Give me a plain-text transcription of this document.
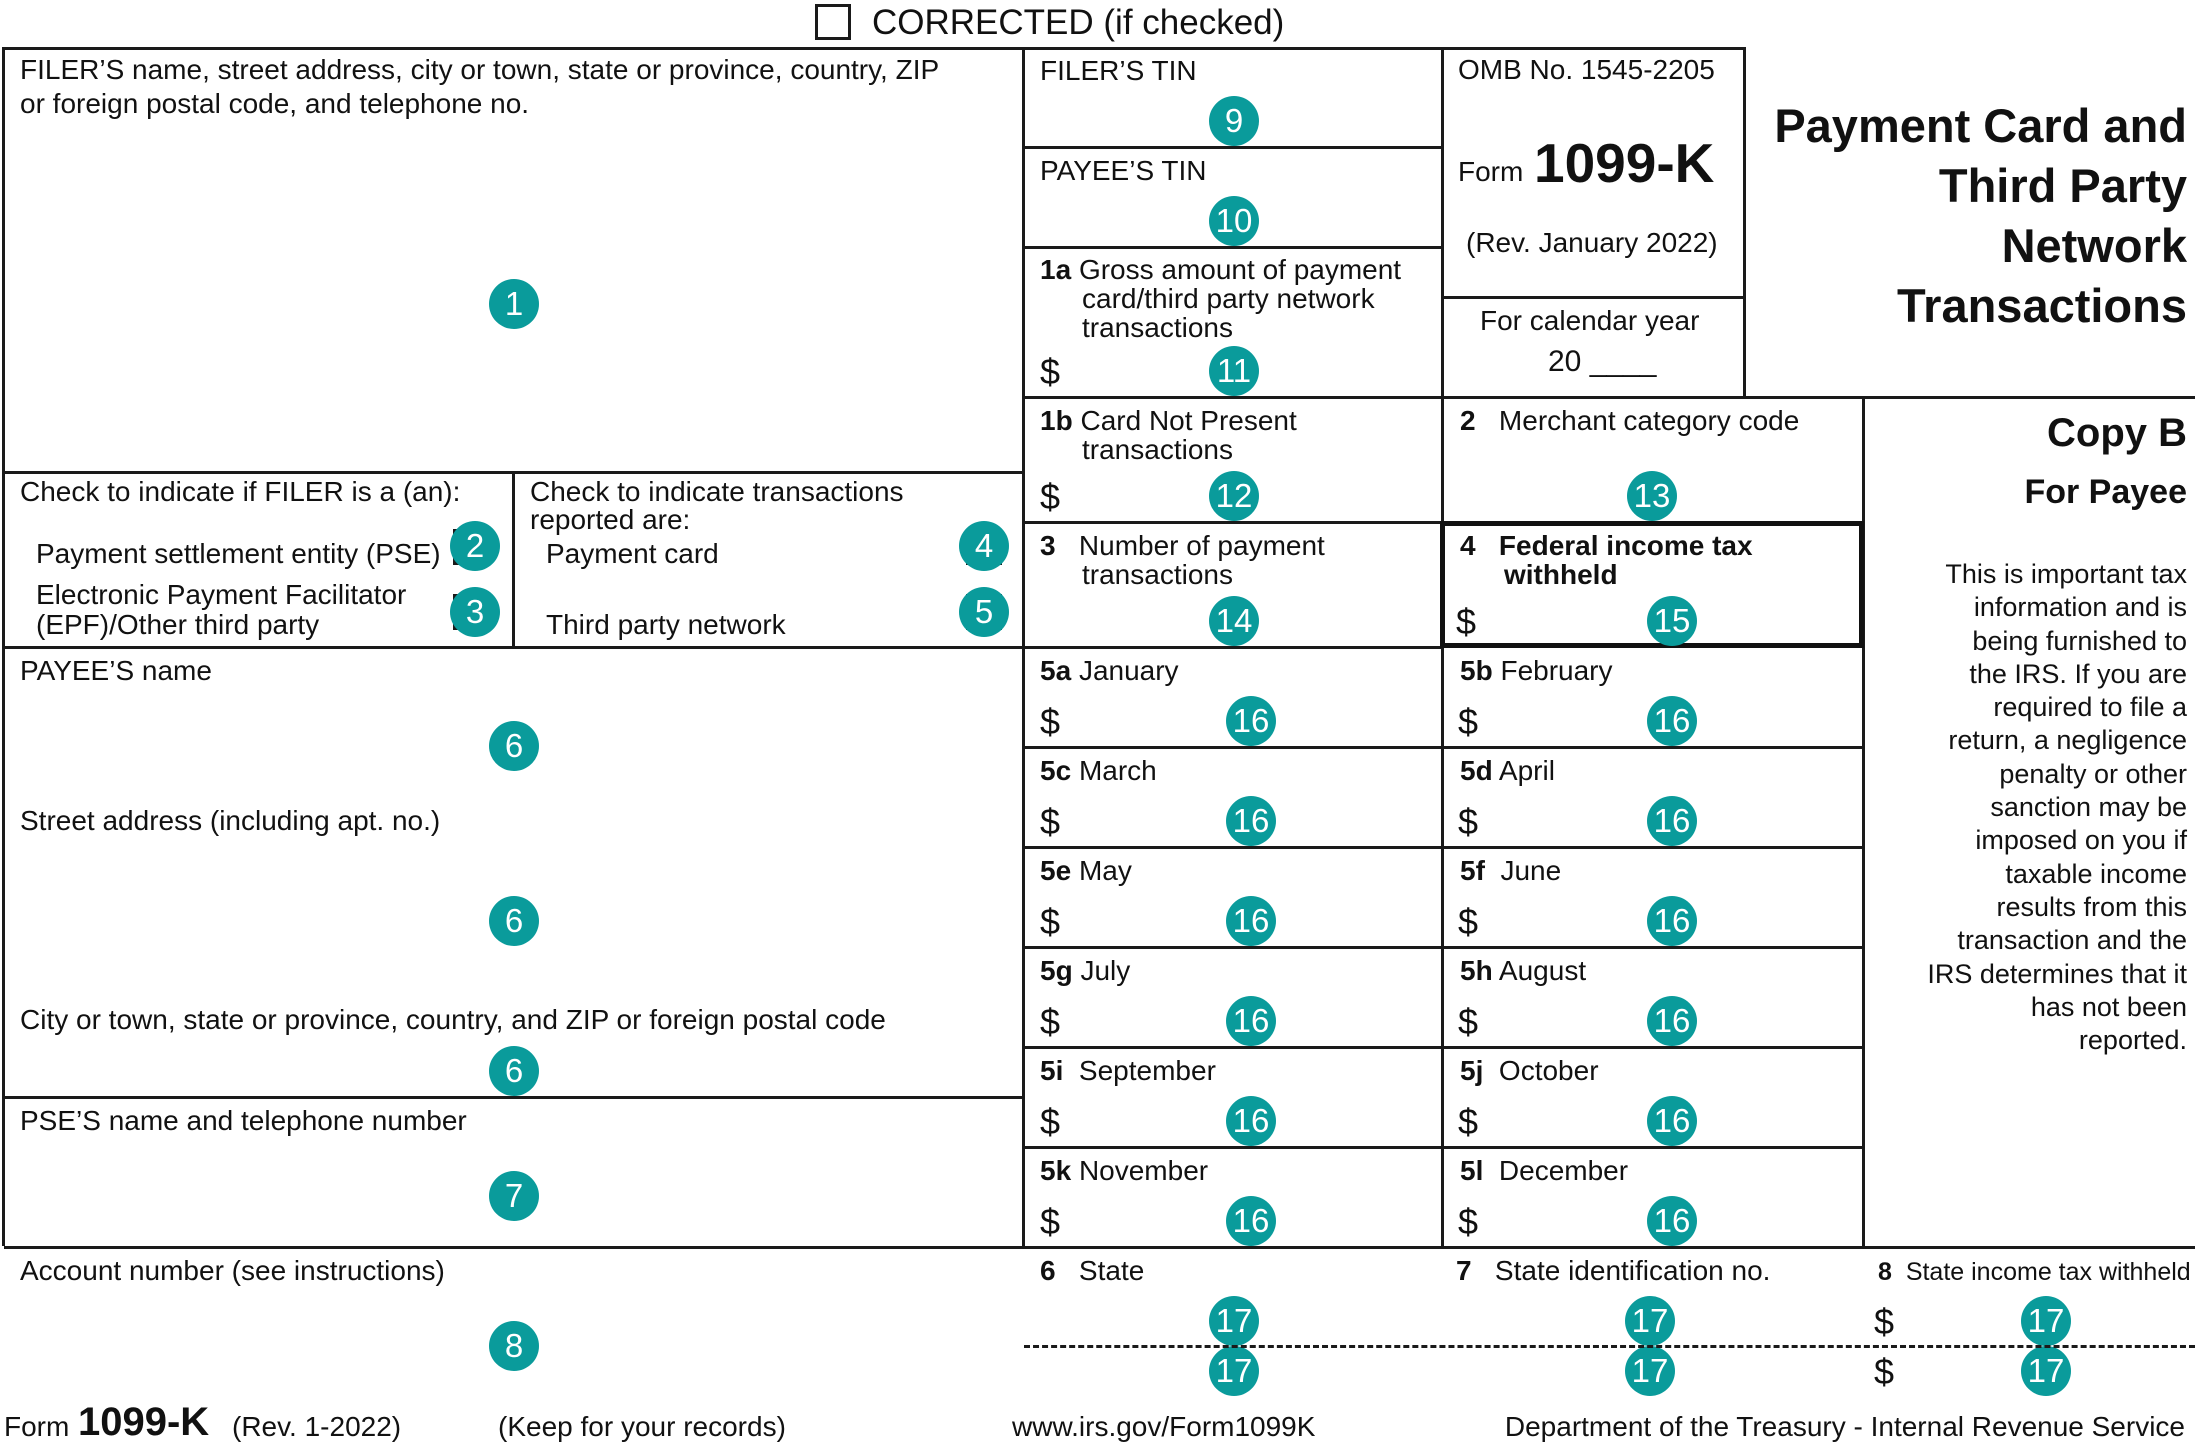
CORRECTED (if checked)
FILER’S name, street address, city or town, state or province, country, ZIP
or foreign postal code, and telephone no.
1
Check to indicate if FILER is a (an):
Payment settlement entity (PSE) 2
Electronic Payment Facilitator
(EPF)/Other third party	3
Check to indicate transactions
reported are:
Payment card	4
Third party network	5
PAYEE’S name
6
Street address (including apt. no.)
6
City or town, state or province, country, and ZIP or foreign postal code
6
PSE’S name and telephone number
7
Account number (see instructions)
8
FILER’S TIN
9
PAYEE’S TIN
10
1a Gross amount of payment
card/third party network
transactions
$	11
OMB No. 1545-2205
Form 1099-K
(Rev. January 2022)
For calendar year
20 ____
Payment Card and
Third Party
Network
Transactions
1b Card Not Present
transactions
$	12
2 Merchant category code
13
3 Number of payment
transactions
14
4 Federal income tax
withheld
$	15
5a January
$	16
5b February
$	16
5c March
$	16
5d April
$	16
5e May
$	16
5f June
$	16
5g July
$	16
5h August
$	16
5i September
$	16
5j October
$	16
5k November
$	16
5l December
$	16
Copy B
For Payee
This is important tax
information and is
being furnished to
the IRS. If you are
required to file a
return, a negligence
penalty or other
sanction may be
imposed on you if
taxable income
results from this
transaction and the
IRS determines that it
has not been
reported.
6 State
17
17
7 State identification no.
17
17
8 State income tax withheld
$	17
$	17
Form 1099-K (Rev. 1-2022)	(Keep for your records)	www.irs.gov/Form1099K	Department of the Treasury - Internal Revenue Service
